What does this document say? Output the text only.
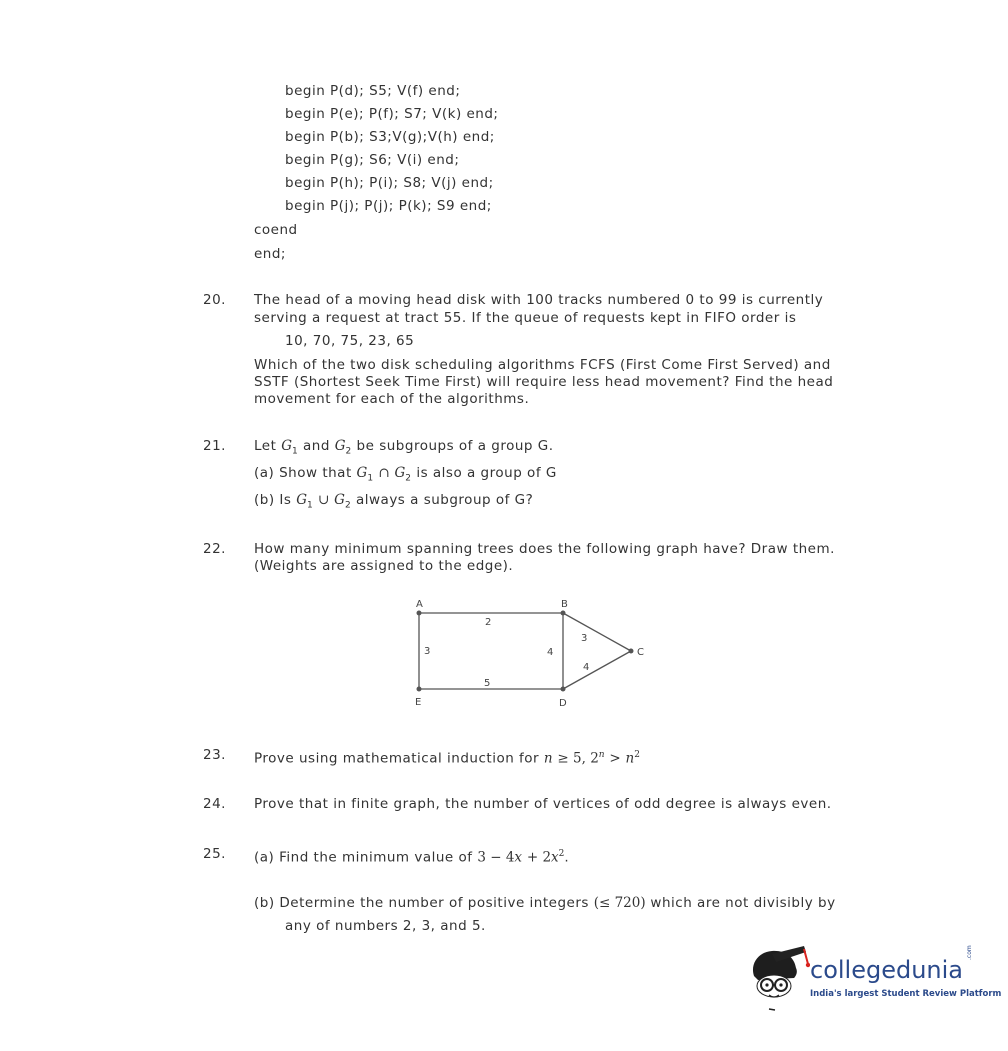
begin P(d); S5; V(f) end;
begin P(e); P(f); S7; V(k) end;
begin P(b); S3;V(g);V(h) end;
begin P(g); S6; V(i) end;
begin P(h); P(i); S8; V(j) end;
begin P(j); P(j); P(k); S9 end;
coend
end;
20. The head of a moving head disk with 100 tracks numbered 0 to 99 is currently
serving a request at tract 55. If the queue of requests kept in FIFO order is
10, 70, 75, 23, 65
Which of the two disk scheduling algorithms FCFS (First Come First Served) and
SSTF (Shortest Seek Time First) will require less head movement? Find the head
movement for each of the algorithms.
21. Let $G_1$ and $G_2$ be subgroups of a group G.
(a) Show that $G_1$ ∩ $G_2$ is also a group of G
(b) Is $G_1$ ∪ $G_2$ always a subgroup of G?
22. How many minimum spanning trees does the following graph have? Draw them.
(Weights are assigned to the edge).
A	B
C
D
E
2
3	4
3
4
5
23. Prove using mathematical induction for n ≥ 5, $2^n > n^2$
24. Prove that in finite graph, the number of vertices of odd degree is always even.
25. (a) Find the minimum value of $3 - 4x + 2x^2$.
(b) Determine the number of positive integers (≤ 720) which are not divisibly by
any of numbers 2, 3, and 5.
collegedunia
.com
India's largest Student Review Platform
